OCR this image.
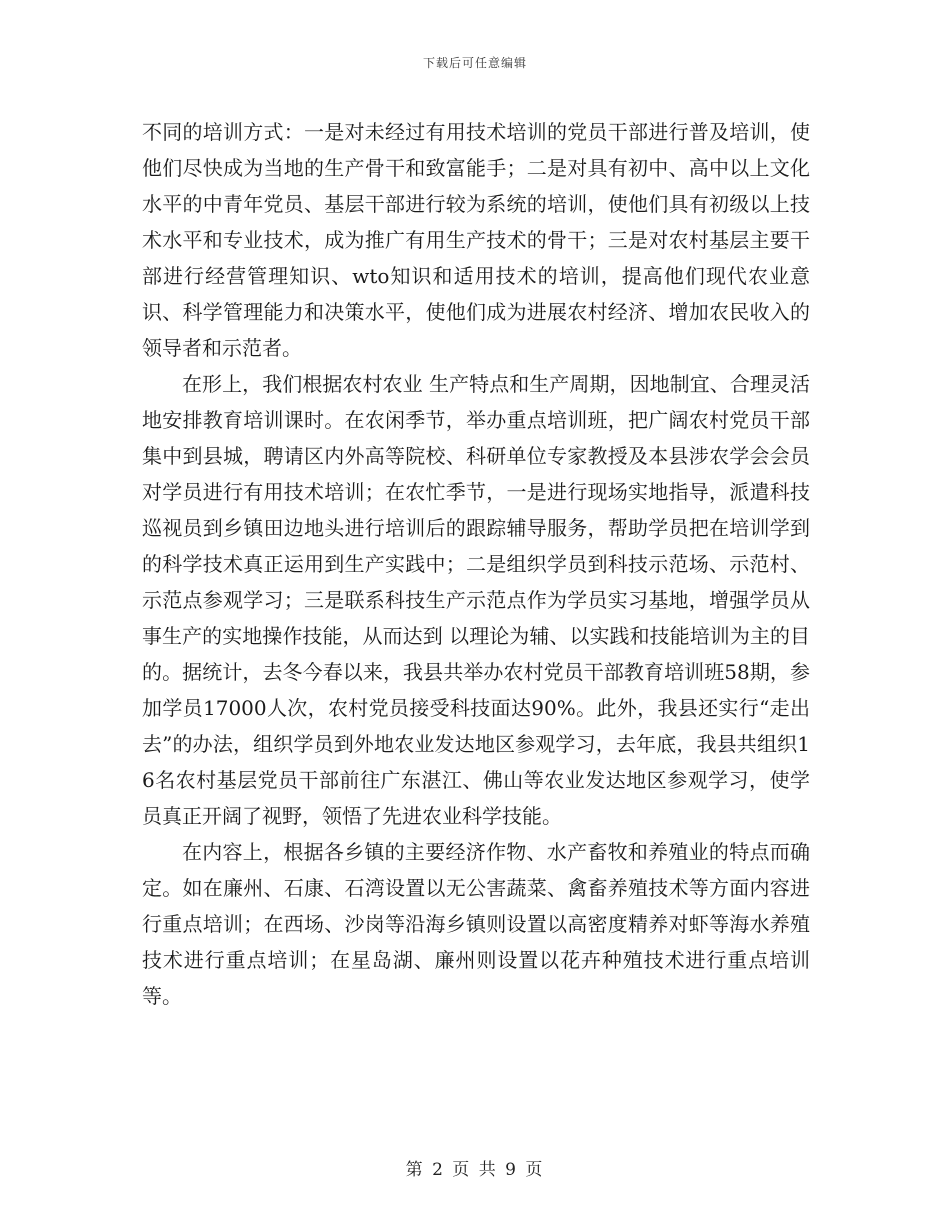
下载后可任意编辑

不同的培训方式：一是对未经过有用技术培训的党员干部进行普及培训，使他们尽快成为当地的生产骨干和致富能手；二是对具有初中、高中以上文化水平的中青年党员、基层干部进行较为系统的培训，使他们具有初级以上技术水平和专业技术，成为推广有用生产技术的骨干；三是对农村基层主要干部进行经营管理知识、wto知识和适用技术的培训，提高他们现代农业意识、科学管理能力和决策水平，使他们成为进展农村经济、增加农民收入的领导者和示范者。

在形上，我们根据农村农业 生产特点和生产周期，因地制宜、合理灵活地安排教育培训课时。在农闲季节，举办重点培训班，把广阔农村党员干部集中到县城，聘请区内外高等院校、科研单位专家教授及本县涉农学会会员对学员进行有用技术培训；在农忙季节，一是进行现场实地指导，派遣科技巡视员到乡镇田边地头进行培训后的跟踪辅导服务，帮助学员把在培训学到的科学技术真正运用到生产实践中；二是组织学员到科技示范场、示范村、示范点参观学习；三是联系科技生产示范点作为学员实习基地，增强学员从事生产的实地操作技能，从而达到 以理论为辅、以实践和技能培训为主的目的。据统计，去冬今春以来，我县共举办农村党员干部教育培训班58期，参加学员17000人次，农村党员接受科技面达90%。此外，我县还实行“走出去”的办法，组织学员到外地农业发达地区参观学习，去年底，我县共组织16名农村基层党员干部前往广东湛江、佛山等农业发达地区参观学习，使学员真正开阔了视野，领悟了先进农业科学技能。

在内容上，根据各乡镇的主要经济作物、水产畜牧和养殖业的特点而确定。如在廉州、石康、石湾设置以无公害蔬菜、禽畜养殖技术等方面内容进行重点培训；在西场、沙岗等沿海乡镇则设置以高密度精养对虾等海水养殖技术进行重点培训；在星岛湖、廉州则设置以花卉种殖技术进行重点培训等。

第 2 页 共 9 页
